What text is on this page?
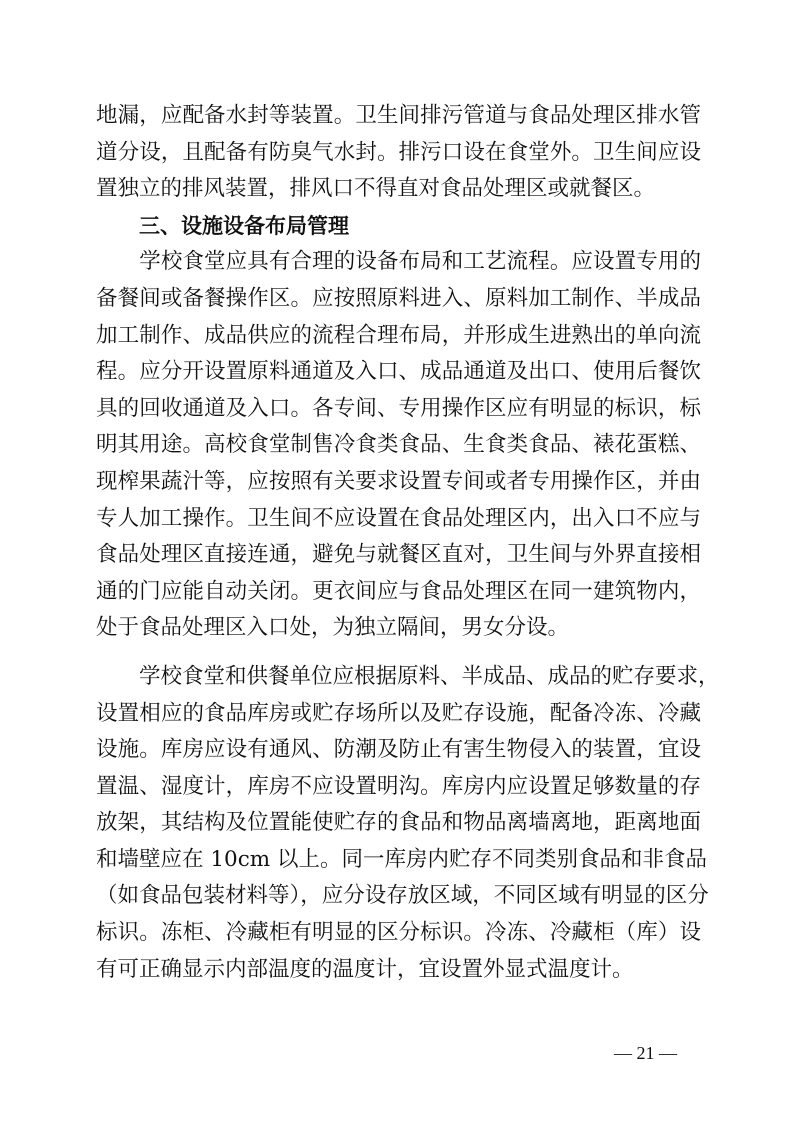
地漏，应配备水封等装置。卫生间排污管道与食品处理区排水管
道分设，且配备有防臭气水封。排污口设在食堂外。卫生间应设
置独立的排风装置，排风口不得直对食品处理区或就餐区。
三、设施设备布局管理
　　学校食堂应具有合理的设备布局和工艺流程。应设置专用的
备餐间或备餐操作区。应按照原料进入、原料加工制作、半成品
加工制作、成品供应的流程合理布局，并形成生进熟出的单向流
程。应分开设置原料通道及入口、成品通道及出口、使用后餐饮
具的回收通道及入口。各专间、专用操作区应有明显的标识，标
明其用途。高校食堂制售冷食类食品、生食类食品、裱花蛋糕、
现榨果蔬汁等，应按照有关要求设置专间或者专用操作区，并由
专人加工操作。卫生间不应设置在食品处理区内，出入口不应与
食品处理区直接连通，避免与就餐区直对，卫生间与外界直接相
通的门应能自动关闭。更衣间应与食品处理区在同一建筑物内，
处于食品处理区入口处，为独立隔间，男女分设。
　　学校食堂和供餐单位应根据原料、半成品、成品的贮存要求，
设置相应的食品库房或贮存场所以及贮存设施，配备冷冻、冷藏
设施。库房应设有通风、防潮及防止有害生物侵入的装置，宜设
置温、湿度计，库房不应设置明沟。库房内应设置足够数量的存
放架，其结构及位置能使贮存的食品和物品离墙离地，距离地面
和墙壁应在 10cm 以上。同一库房内贮存不同类别食品和非食品
（如食品包装材料等），应分设存放区域，不同区域有明显的区分
标识。冻柜、冷藏柜有明显的区分标识。冷冻、冷藏柜（库）设
有可正确显示内部温度的温度计，宜设置外显式温度计。
— 21 —
